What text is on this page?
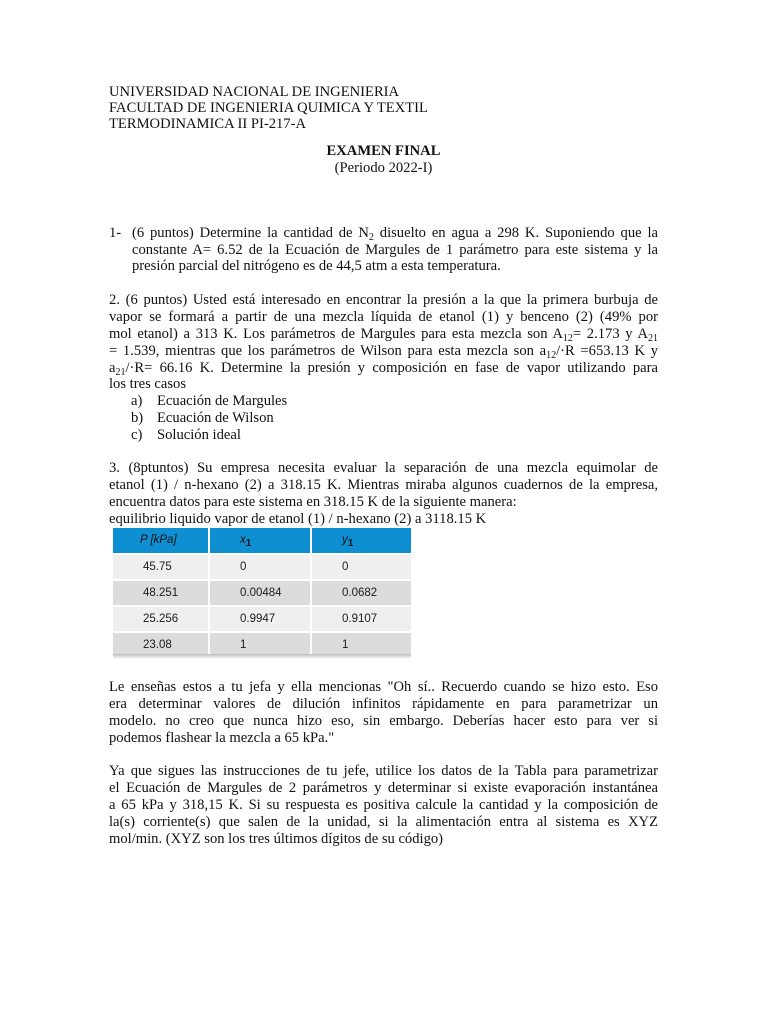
UNIVERSIDAD NACIONAL DE INGENIERIA
FACULTAD DE INGENIERIA QUIMICA Y TEXTIL
TERMODINAMICA II PI-217-A
EXAMEN FINAL
(Periodo 2022-I)
1- (6 puntos) Determine la cantidad de $N_2$ disuelto en agua a 298 K. Suponiendo que la
constante A= 6.52 de la Ecuación de Margules de 1 parámetro para este sistema y la
presión parcial del nitrógeno es de 44,5 atm a esta temperatura.
2. (6 puntos) Usted está interesado en encontrar la presión a la que la primera burbuja de
vapor se formará a partir de una mezcla líquida de etanol (1) y benceno (2) (49% por
mol etanol) a 313 K. Los parámetros de Margules para esta mezcla son $A_{12}= 2.173$ y $A_{21}$
= 1.539, mientras que los parámetros de Wilson para esta mezcla son $a_{12}/\cdot R =653.13$ K y
$a_{21}/\cdot R= 66.16$ K. Determine la presión y composición en fase de vapor utilizando para
los tres casos
a) Ecuación de Margules
b) Ecuación de Wilson
c) Solución ideal
3. (8ptuntos) Su empresa necesita evaluar la separación de una mezcla equimolar de
etanol (1) / n-hexano (2) a 318.15 K. Mientras miraba algunos cuadernos de la empresa,
encuentra datos para este sistema en 318.15 K de la siguiente manera:
equilibrio liquido vapor de etanol (1) / n-hexano (2) a 3118.15 K
P [kPa]	$x_1$	$y_1$
45.75	0	0
48.251	0.00484	0.0682
25.256	0.9947	0.9107
23.08	1	1
Le enseñas estos a tu jefa y ella mencionas "Oh sí.. Recuerdo cuando se hizo esto. Eso
era determinar valores de dilución infinitos rápidamente en para parametrizar un
modelo. no creo que nunca hizo eso, sin embargo. Deberías hacer esto para ver si
podemos flashear la mezcla a 65 kPa."
Ya que sigues las instrucciones de tu jefe, utilice los datos de la Tabla para parametrizar
el Ecuación de Margules de 2 parámetros y determinar si existe evaporación instantánea
a 65 kPa y 318,15 K. Si su respuesta es positiva calcule la cantidad y la composición de
la(s) corriente(s) que salen de la unidad, si la alimentación entra al sistema es XYZ
mol/min. (XYZ son los tres últimos dígitos de su código)
